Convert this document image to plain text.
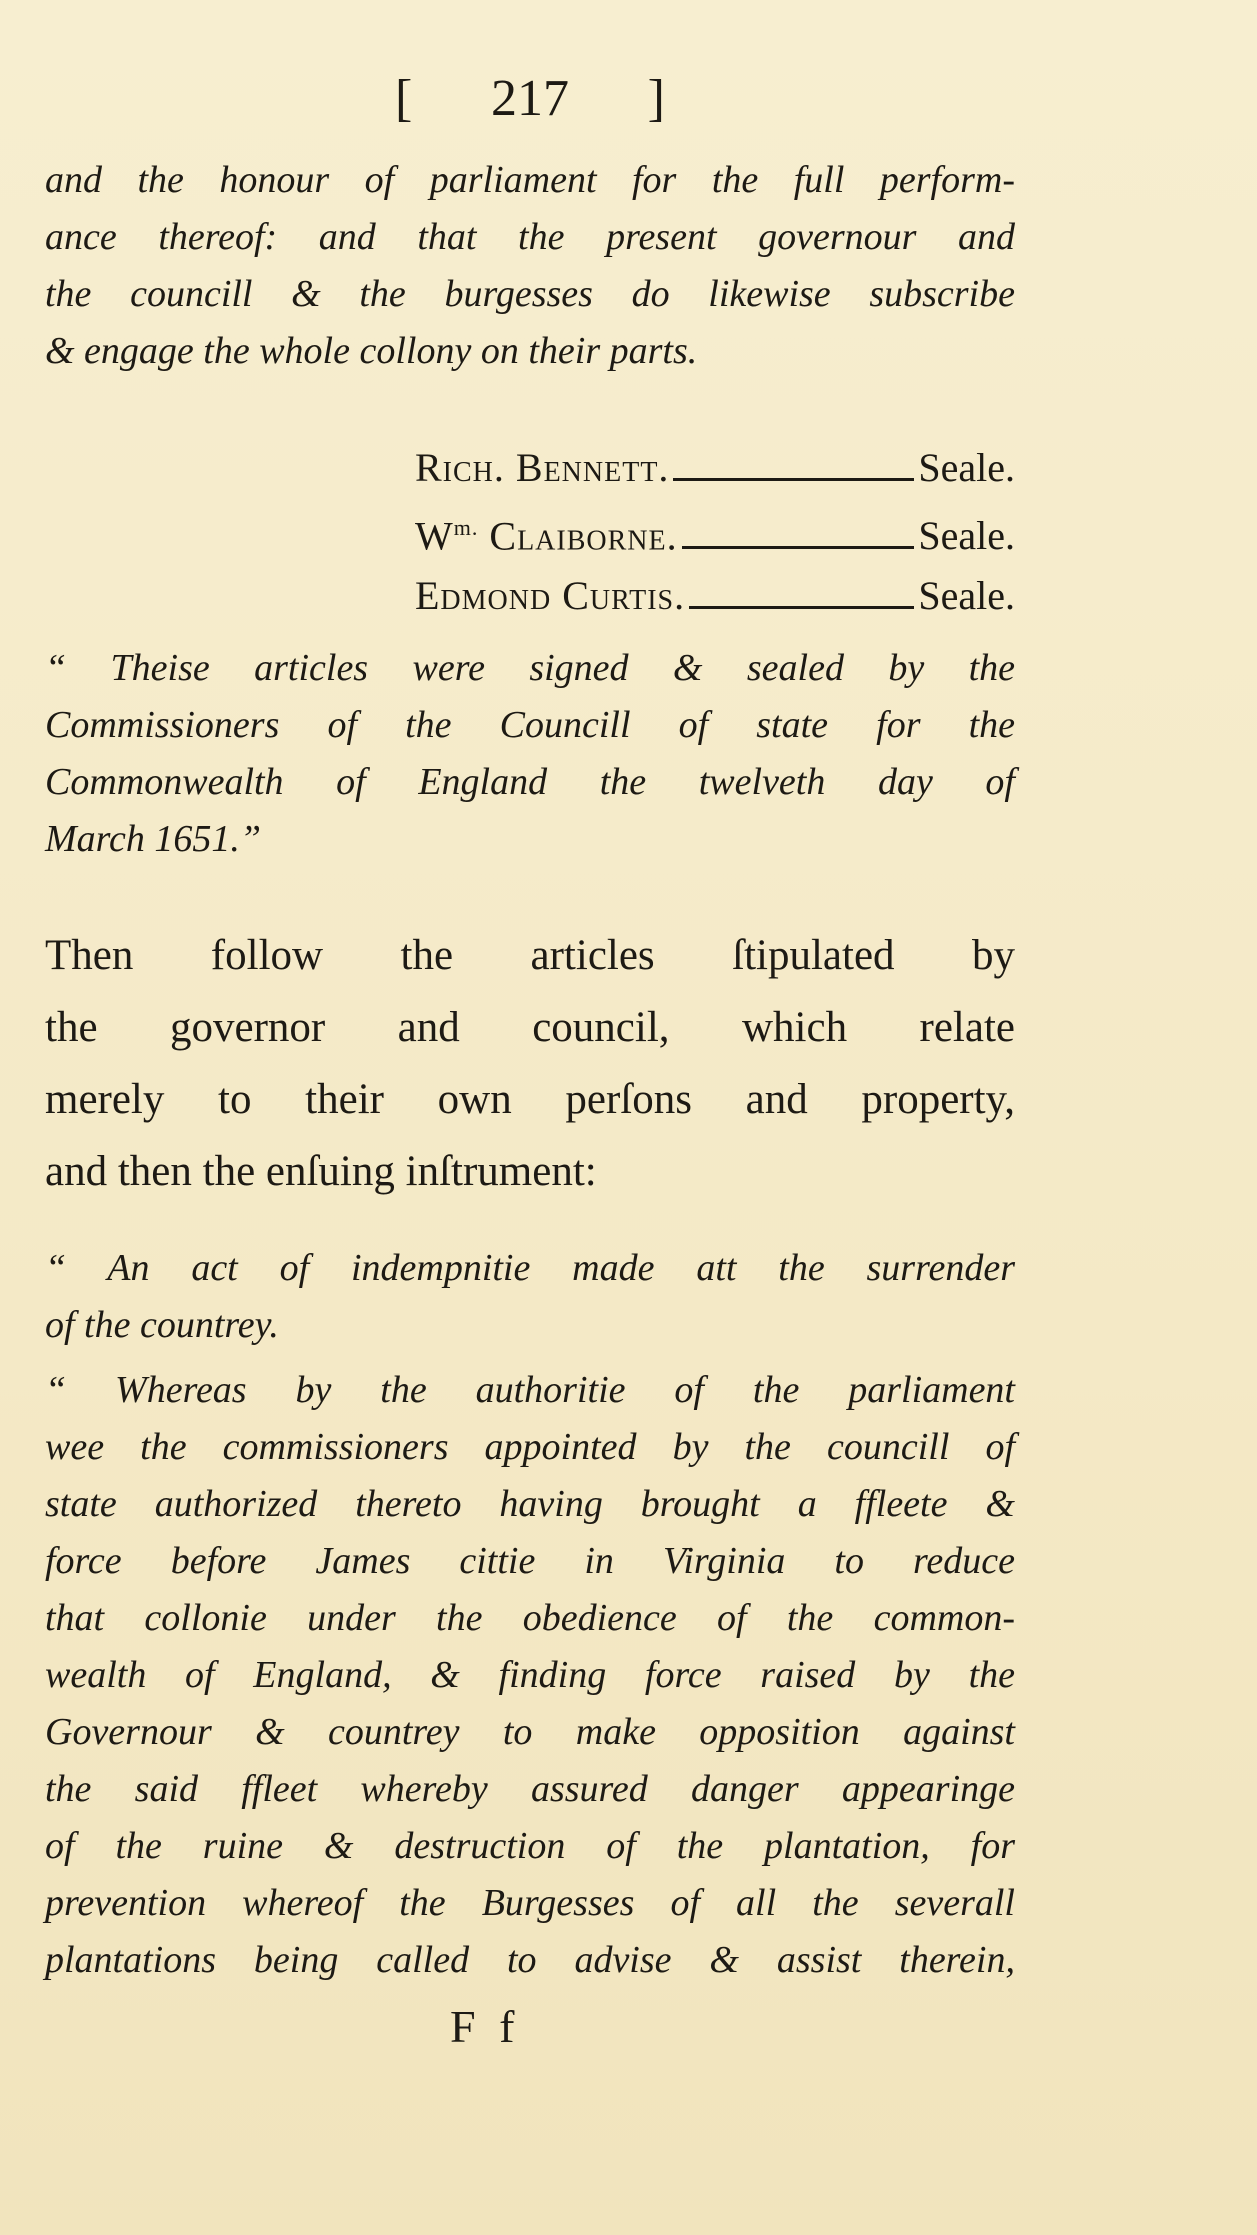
[ 217 ]
and the honour of parliament for the full perform-
ance thereof: and that the present governour and
the councill & the burgesses do likewise subscribe
& engage the whole collony on their parts.
Rich. Bennett.	Seale.
$W^{m.}$ Claiborne.	Seale.
Edmond Curtis.	Seale.
“ Theise articles were signed & sealed by the
Commissioners of the Councill of state for the
Commonwealth of England the twelveth day of
March 1651.”
Then follow the articles ſtipulated by
the governor and council, which relate
merely to their own perſons and property,
and then the enſuing inſtrument:
“ An act of indempnitie made att the surrender
of the countrey.
“ Whereas by the authoritie of the parliament
wee the commissioners appointed by the councill of
state authorized thereto having brought a ffleete &
force before James cittie in Virginia to reduce
that collonie under the obedience of the common-
wealth of England, & finding force raised by the
Governour & countrey to make opposition against
the said ffleet whereby assured danger appearinge
of the ruine & destruction of the plantation, for
prevention whereof the Burgesses of all the severall
plantations being called to advise & assist therein,
F f
